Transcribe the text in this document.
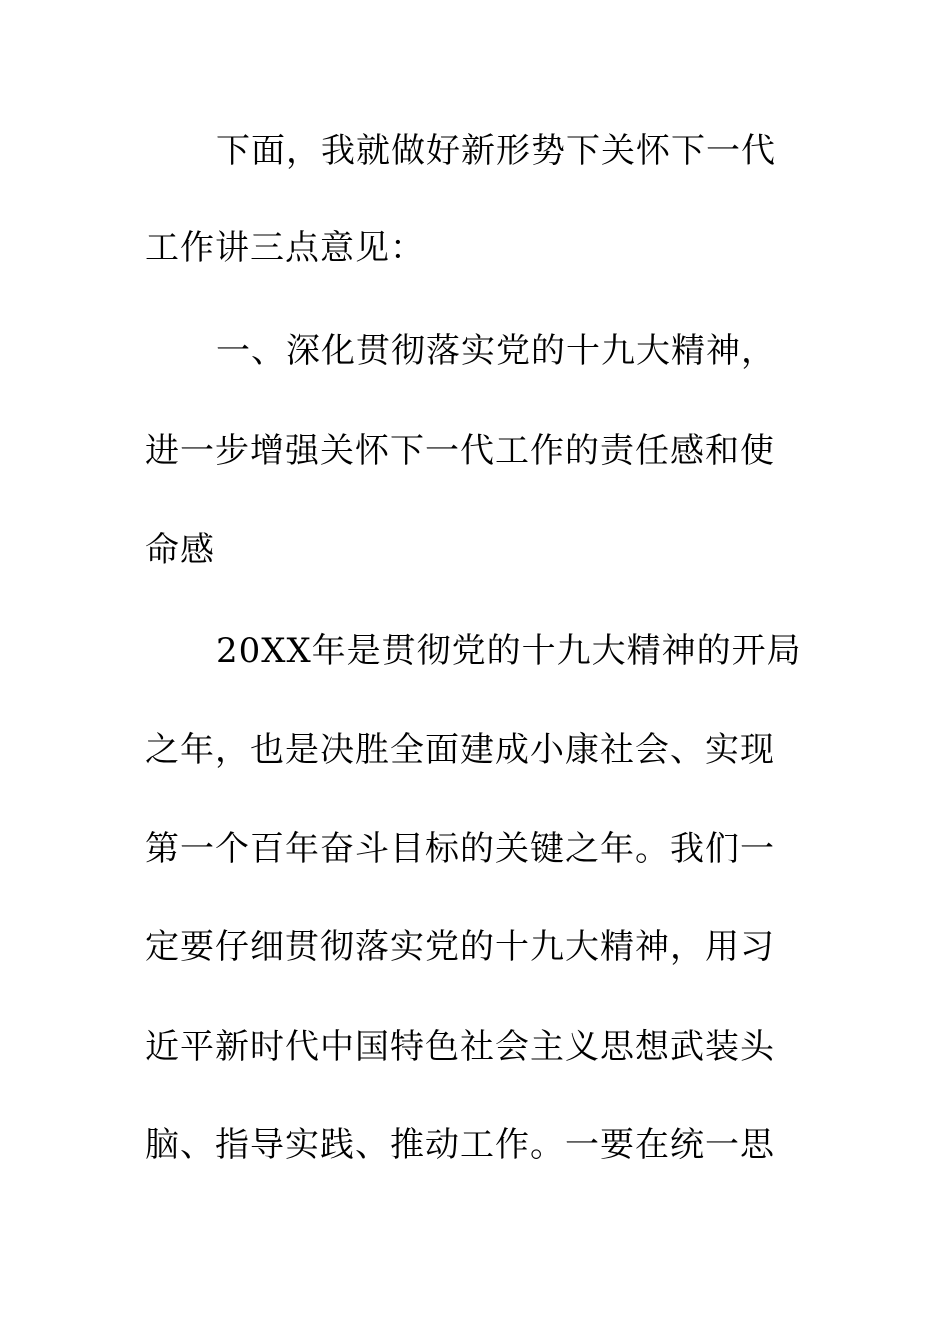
下面，我就做好新形势下关怀下一代
工作讲三点意见：
一、深化贯彻落实党的十九大精神，
进一步增强关怀下一代工作的责任感和使
命感
20XX年是贯彻党的十九大精神的开局
之年，也是决胜全面建成小康社会、实现
第一个百年奋斗目标的关键之年。我们一
定要仔细贯彻落实党的十九大精神，用习
近平新时代中国特色社会主义思想武装头
脑、指导实践、推动工作。一要在统一思
